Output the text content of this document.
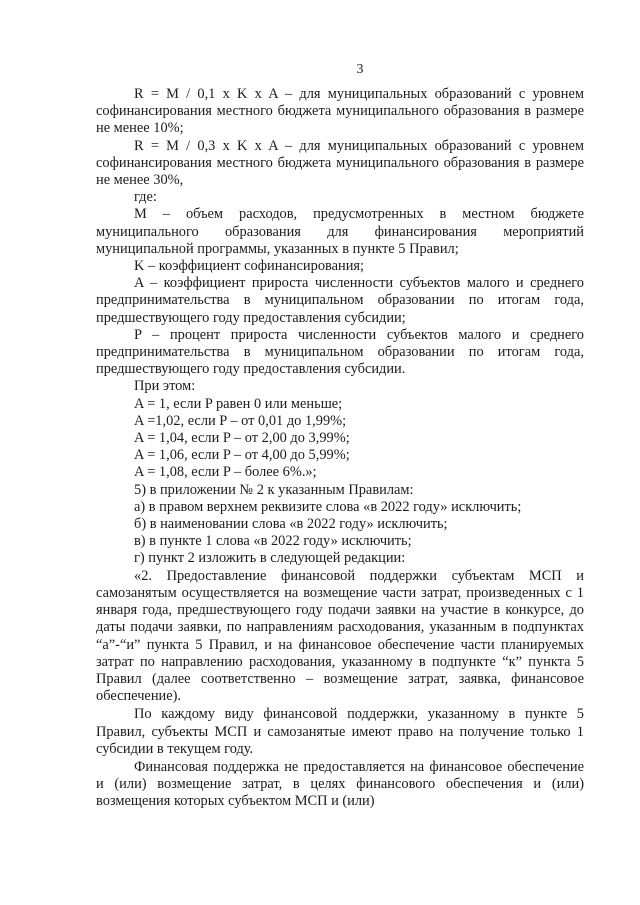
3

R = M / 0,1 x K x A – для муниципальных образований с уровнем софинансирования местного бюджета муниципального образования в размере не менее 10%;

R = M / 0,3 x K x A – для муниципальных образований с уровнем софинансирования местного бюджета муниципального образования в размере не менее 30%,

где:

M – объем расходов, предусмотренных в местном бюджете муниципального образования для финансирования мероприятий муниципальной программы, указанных в пункте 5 Правил;

K – коэффициент софинансирования;

A – коэффициент прироста численности субъектов малого и среднего предпринимательства в муниципальном образовании по итогам года, предшествующего году предоставления субсидии;

P – процент прироста численности субъектов малого и среднего предпринимательства в муниципальном образовании по итогам года, предшествующего году предоставления субсидии.

При этом:

A = 1, если P равен 0 или меньше;

A =1,02, если P – от 0,01 до 1,99%;

A = 1,04, если P – от 2,00 до 3,99%;

A = 1,06, если P – от 4,00 до 5,99%;

A = 1,08, если P – более 6%.»;

5) в приложении № 2 к указанным Правилам:

а) в правом верхнем реквизите слова «в 2022 году» исключить;

б) в наименовании слова «в 2022 году» исключить;

в) в пункте 1 слова «в 2022 году» исключить;

г) пункт 2 изложить в следующей редакции:

«2. Предоставление финансовой поддержки субъектам МСП и самозанятым осуществляется на возмещение части затрат, произведенных с 1 января года, предшествующего году подачи заявки на участие в конкурсе, до даты подачи заявки, по направлениям расходования, указанным в подпунктах “а”-“и” пункта 5 Правил, и на финансовое обеспечение части планируемых затрат по направлению расходования, указанному в подпункте “к” пункта 5 Правил (далее соответственно – возмещение затрат, заявка, финансовое обеспечение).

По каждому виду финансовой поддержки, указанному в пункте 5 Правил, субъекты МСП и самозанятые имеют право на получение только 1 субсидии в текущем году.

Финансовая поддержка не предоставляется на финансовое обеспечение и (или) возмещение затрат, в целях финансового обеспечения и (или) возмещения которых субъектом МСП и (или)
